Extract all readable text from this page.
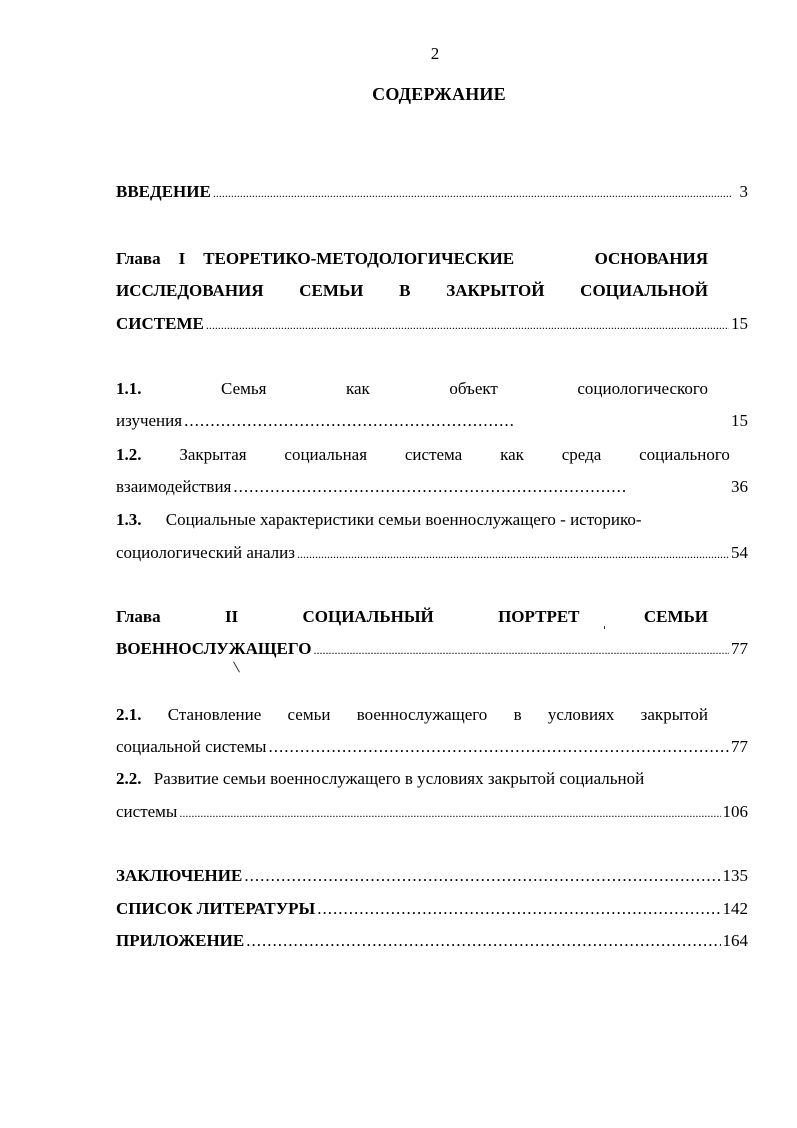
2
СОДЕРЖАНИЕ
ВВЕДЕНИЕ .....	3
Глава I ТЕОРЕТИКО-МЕТОДОЛОГИЧЕСКИЕ	ОСНОВАНИЯ
ИССЛЕДОВАНИЯ СЕМЬИ В ЗАКРЫТОЙ СОЦИАЛЬНОЙ
СИСТЕМЕ .....	15
1.1.	Семья	как	объект	социологического
изучения .....	15
1.2. Закрытая социальная система как среда социального
взаимодействия .....	36
1.3. Социальные характеристики семьи военнослужащего - историко-
социологический анализ .....	54
Глава	II	СОЦИАЛЬНЫЙ	ПОРТРЕТ	СЕМЬИ
ВОЕННОСЛУЖАЩЕГО .....	77
2.1. Становление семьи военнослужащего в условиях закрытой
социальной системы .....	77
2.2. Развитие семьи военнослужащего в условиях закрытой социальной
системы .....	106
ЗАКЛЮЧЕНИЕ .....	135
СПИСОК ЛИТЕРАТУРЫ .....	142
ПРИЛОЖЕНИЕ .....	164
